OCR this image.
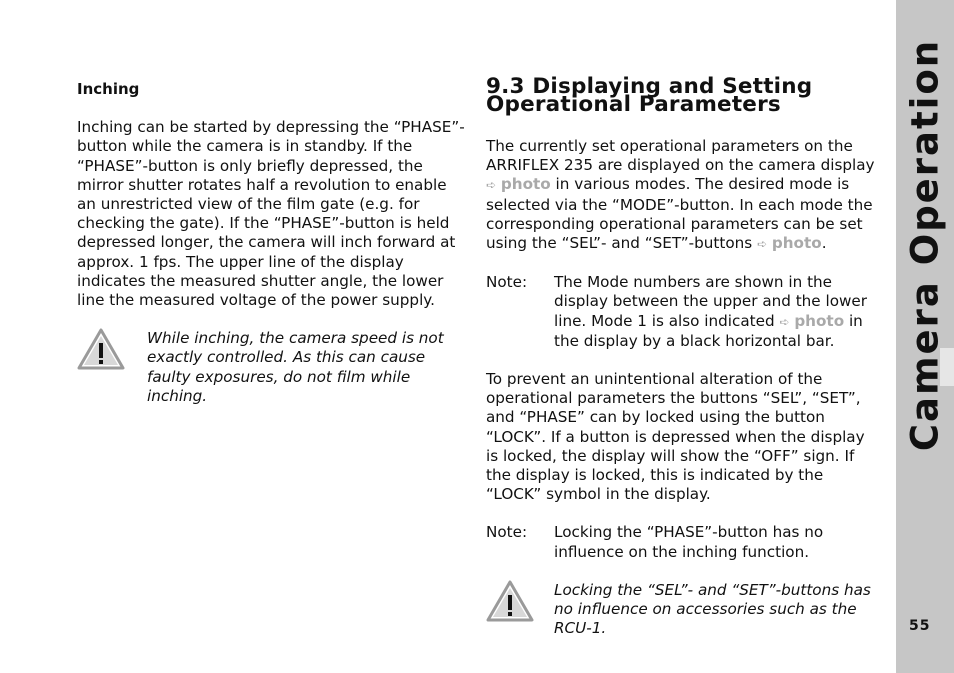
Inching

Inching can be started by depressing the “PHASE”-button while the camera is in standby. If the “PHASE”-button is only briefly depressed, the mirror shutter rotates half a revolution to enable an unrestricted view of the film gate (e.g. for checking the gate). If the “PHASE”-button is held depressed longer, the camera will inch forward at approx. 1 fps. The upper line of the display indicates the measured shutter angle, the lower line the measured voltage of the power supply.

While inching, the camera speed is not exactly controlled. As this can cause faulty exposures, do not film while inching.

9.3 Displaying and Setting
Operational Parameters

The currently set operational parameters on the ARRIFLEX 235 are displayed on the camera display ➪ photo in various modes. The desired mode is selected via the “MODE”-button. In each mode the corresponding operational parameters can be set using the “SEL”- and “SET”-buttons ➪ photo.

Note: The Mode numbers are shown in the display between the upper and the lower line. Mode 1 is also indicated ➪ photo in the display by a black horizontal bar.

To prevent an unintentional alteration of the operational parameters the buttons “SEL”, “SET”, and “PHASE” can by locked using the button “LOCK”. If a button is depressed when the display is locked, the display will show the “OFF” sign. If the display is locked, this is indicated by the “LOCK” symbol in the display.

Note: Locking the “PHASE”-button has no influence on the inching function.

Locking the “SEL”- and “SET”-buttons has no influence on accessories such as the RCU-1.

Camera Operation
55
